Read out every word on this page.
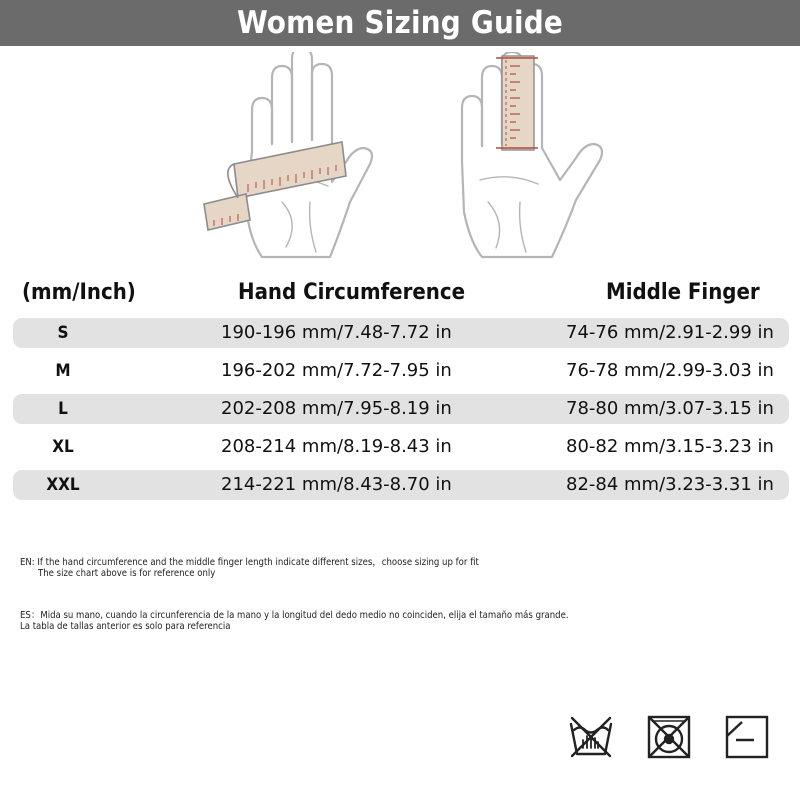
Women Sizing Guide
(mm/Inch)	Hand Circumference	Middle Finger
S	190-196 mm/7.48-7.72 in	74-76 mm/2.91-2.99 in
M	196-202 mm/7.72-7.95 in	76-78 mm/2.99-3.03 in
L	202-208 mm/7.95-8.19 in	78-80 mm/3.07-3.15 in
XL	208-214 mm/8.19-8.43 in	80-82 mm/3.15-3.23 in
XXL	214-221 mm/8.43-8.70 in	82-84 mm/3.23-3.31 in
EN: If the hand circumference and the middle finger length indicate different sizes，choose sizing up for fit
The size chart above is for reference only
ES：Mida su mano, cuando la circunferencia de la mano y la longitud del dedo medio no coinciden, elija el tamaño más grande.
La tabla de tallas anterior es solo para referencia
